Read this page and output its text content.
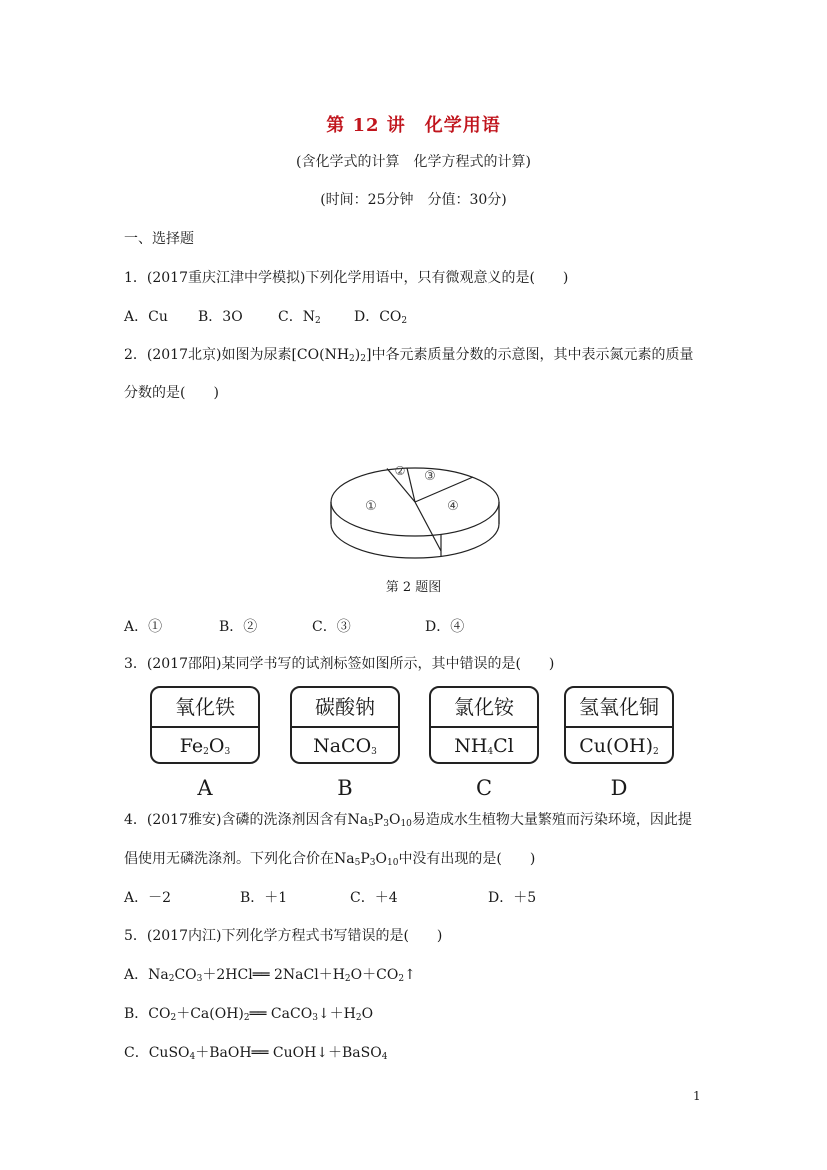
第 12 讲　化学用语
(含化学式的计算　化学方程式的计算)
(时间：25分钟　分值：30分)
一、选择题
1．(2017重庆江津中学模拟)下列化学用语中，只有微观意义的是(　　)
A．Cu B．3O	C．$N_2$ D．$CO_2$
2．(2017北京)如图为尿素$[CO(NH_2)_2]$中各元素质量分数的示意图，其中表示氮元素的质量
分数的是(　　)
①
② ③
④
第 2 题图
A．①	B．②	C．③	D．④
3．(2017邵阳)某同学书写的试剂标签如图所示，其中错误的是(　　)
氧化铁
$Fe_2O_3$
A
碳酸钠
NaCO$_3$
B
氯化铵
$NH_4Cl$
C
氢氧化铜
$Cu(OH)_2$
D
4．(2017雅安)含磷的洗涤剂因含有$Na_5P_3O_{10}$易造成水生植物大量繁殖而污染环境，因此提
倡使用无磷洗涤剂。下列化合价在$Na_5P_3O_{10}$中没有出现的是(　　)
A．－2	B．＋1	C．＋4	D．＋5
5．(2017内江)下列化学方程式书写错误的是(　　)
A．$Na_2CO_3+2HCl══$ $2NaCl+H_2O+CO_2↑$
B．$CO_2+Ca(OH)_2══$ $CaCO_3↓+H_2O$
C．CuSO$_4$＋BaOH══ CuOH↓＋BaSO$_4$
1
